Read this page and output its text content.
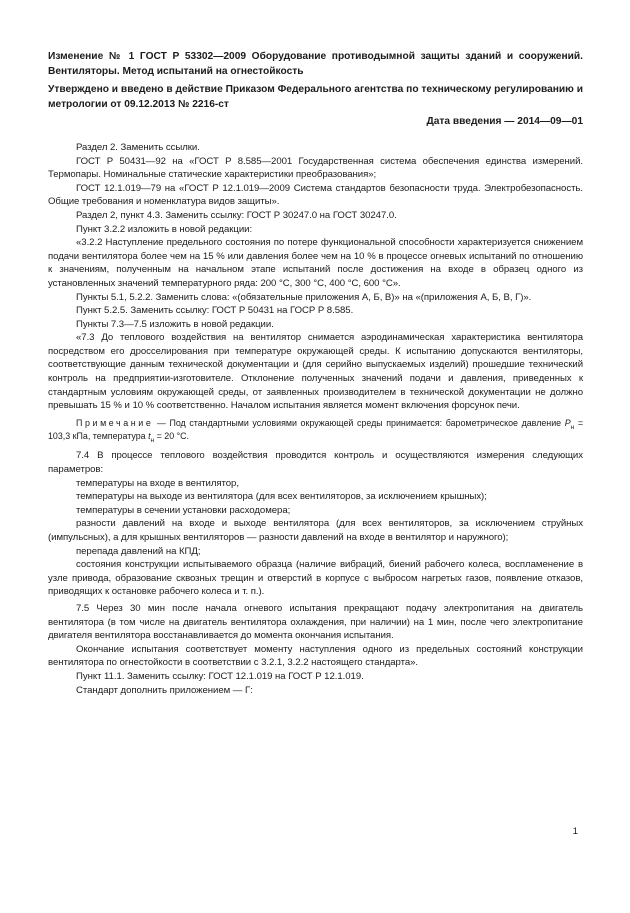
Изменение № 1 ГОСТ Р 53302—2009 Оборудование противодымной защиты зданий и сооружений. Вентиляторы. Метод испытаний на огнестойкость

Утверждено и введено в действие Приказом Федерального агентства по техническому регулированию и метрологии от 09.12.2013 № 2216-ст

Дата введения — 2014—09—01

Раздел 2. Заменить ссылки.

ГОСТ Р 50431—92 на «ГОСТ Р 8.585—2001 Государственная система обеспечения единства измерений. Термопары. Номинальные статические характеристики преобразования»;

ГОСТ 12.1.019—79 на «ГОСТ Р 12.1.019—2009 Система стандартов безопасности труда. Электробезопасность. Общие требования и номенклатура видов защиты».

Раздел 2, пункт 4.3. Заменить ссылку: ГОСТ Р 30247.0 на ГОСТ 30247.0.

Пункт 3.2.2 изложить в новой редакции:

«3.2.2 Наступление предельного состояния по потере функциональной способности характеризуется снижением подачи вентилятора более чем на 15 % или давления более чем на 10 % в процессе огневых испытаний по отношению к значениям, полученным на начальном этапе испытаний после достижения на входе в образец одного из установленных значений температурного ряда: 200 °С, 300 °С, 400 °С, 600 °С».

Пункты 5.1, 5.2.2. Заменить слова: «(обязательные приложения А, Б, В)» на «(приложения А, Б, В, Г)».

Пункт 5.2.5. Заменить ссылку: ГОСТ Р 50431 на ГОСР Р 8.585.

Пункты 7.3—7.5 изложить в новой редакции.

«7.3 До теплового воздействия на вентилятор снимается аэродинамическая характеристика вентилятора посредством его дросселирования при температуре окружающей среды. К испытанию допускаются вентиляторы, соответствующие данным технической документации и (для серийно выпускаемых изделий) прошедшие технический контроль на предприятии-изготовителе. Отклонение полученных значений подачи и давления, приведенных к стандартным условиям окружающей среды, от заявленных производителем в технической документации не должно превышать 15 % и 10 % соответственно. Началом испытания является момент включения форсунок печи.

Примечание — Под стандартными условиями окружающей среды принимается: барометрическое давление $P_н = 103,3$ кПа, температура $t_н = 20$ °С.

7.4 В процессе теплового воздействия проводится контроль и осуществляются измерения следующих параметров:

температуры на входе в вентилятор,

температуры на выходе из вентилятора (для всех вентиляторов, за исключением крышных);

температуры в сечении установки расходомера;

разности давлений на входе и выходе вентилятора (для всех вентиляторов, за исключением струйных (импульсных), а для крышных вентиляторов — разности давлений на входе в вентилятор и наружного);

перепада давлений на КПД;

состояния конструкции испытываемого образца (наличие вибраций, биений рабочего колеса, воспламенение в узле привода, образование сквозных трещин и отверстий в корпусе с выбросом нагретых газов, появление отказов, приводящих к остановке рабочего колеса и т. п.).

7.5 Через 30 мин после начала огневого испытания прекращают подачу электропитания на двигатель вентилятора (в том числе на двигатель вентилятора охлаждения, при наличии) на 1 мин, после чего электропитание двигателя вентилятора восстанавливается до момента окончания испытания.

Окончание испытания соответствует моменту наступления одного из предельных состояний конструкции вентилятора по огнестойкости в соответствии с 3.2.1, 3.2.2 настоящего стандарта».

Пункт 11.1. Заменить ссылку: ГОСТ 12.1.019 на ГОСТ Р 12.1.019.

Стандарт дополнить приложением — Г:

1
